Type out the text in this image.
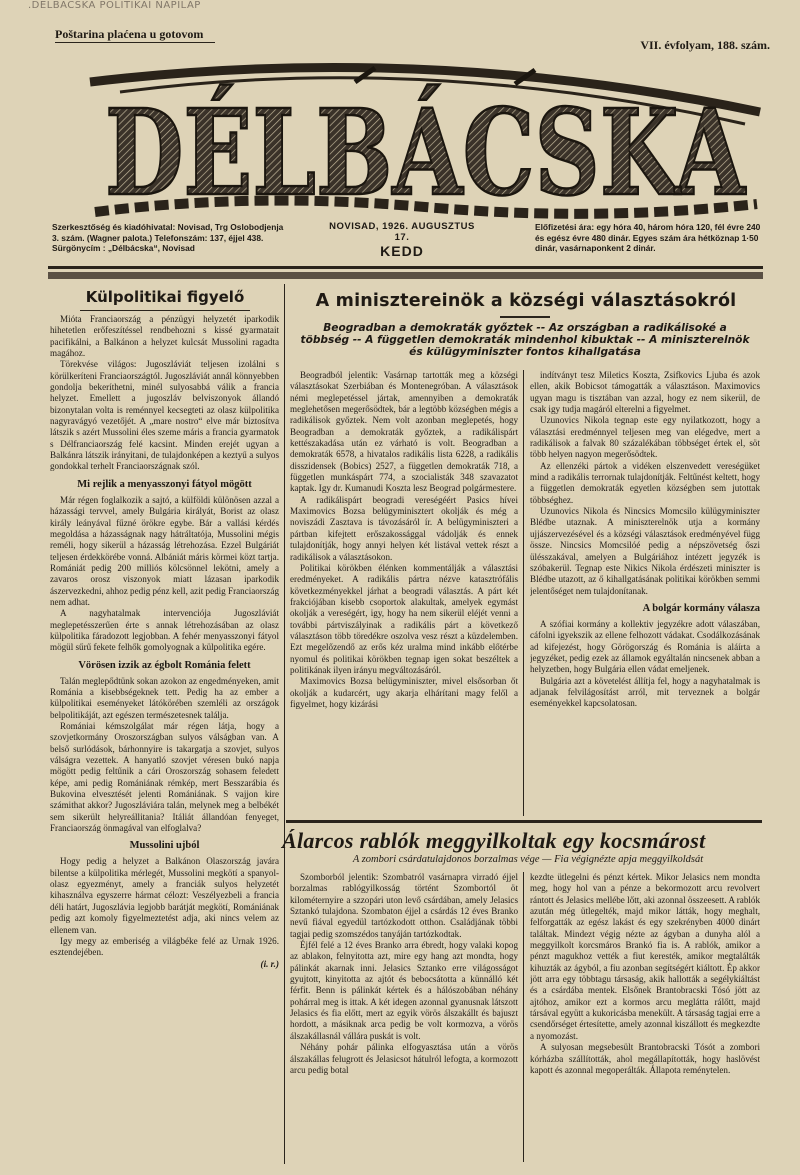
.DELBACSKA POLITIKAI NAPILAP
Poštarina plaćena u gotovom
VII. évfolyam, 188. szám.
DÉLBÁCSKA
Szerkesztőség és kiadóhivatal: Novisad, Trg Oslobodjenja 3. szám. (Wagner palota.) Telefonszám: 137, éjjel 438. Sürgönycím : „Délbácska“, Novisad
NOVISAD, 1926. AUGUSZTUS 17.
KEDD
Előfizetési ára: egy hóra 40, három hóra 120, fél évre 240 és egész évre 480 dinár. Egyes szám ára hétköznap 1·50 dinár, vasárnaponkent 2 dinár.
Külpolitikai figyelő

Mióta Franciaország a pénzügyi helyzetét iparkodik hihetetlen erőfeszítéssel rendbehozni s kissé gyarmatait pacifikálni, a Balkánon a helyzet kulcsát Mussolini ragadta magához.

Törekvése világos: Jugoszláviát teljesen izolálni s körülkeríteni Franciaországtól. Jugoszláviát annál könnyebben gondolja bekeríthetni, minél sulyosabbá válik a francia helyzet. Emellett a jugoszláv belviszonyok állandó bizonytalan volta is reménnyel kecsegteti az olasz külpolitika nagyravágyó vezetőjét. A „mare nostro“ elve már biztosítva látszik s azért Mussolini éles szeme máris a francia gyarmatok s Délfranciaország felé kacsint. Minden erejét ugyan a Balkánra látszik irányitani, de tulajdonképen a keztyű a sulyos gondokkal terhelt Franciaországnak szól.

Mi rejlik a menyasszonyi fátyol mögött

Már régen foglalkozik a sajtó, a külföldi különösen azzal a házassági tervvel, amely Bulgária királyát, Borist az olasz király leányával fűzné örökre egybe. Bár a vallási kérdés megoldása a házasságnak nagy hátráltatója, Mussolini mégis reméli, hogy sikerül a házasság létrehozása. Ezzel Bulgáriát teljesen érdekkörébe vonná. Albániát máris körmei közt tartja. Romániát pedig 200 milliós kölcsönnel lekötni, amely a zavaros orosz viszonyok miatt lázasan iparkodik ászervezkedni, ahhoz pedig pénz kell, azit pedig Franciaország nem adhat.

A nagyhatalmak intervenciója Jugoszláviát meglepetésszerűen érte s annak létrehozásában az olasz külpolitika fáradozott legjobban. A fehér menyasszonyi fátyol mögül sűrű fekete felhők gomolyognak a külpolitika egére.

Vörösen izzik az égbolt Románia felett

Talán meglepődtünk sokan azokon az engedményeken, amit Románia a kisebbségeknek tett. Pedig ha az ember a külpolitikai eseményeket látókörében szemléli az országok belpolitikáját, azt egészen természetesnek találja.

Romániai kémszolgálat már régen látja, hogy a szovjetkormány Oroszországban sulyos válságban van. A belső surlódások, bárhonnyire is takargatja a szovjet, sulyos válságra vezettek. A hanyatló szovjet véresen bukó napja mögött pedig feltűnik a cári Oroszország sohasem feledett képe, ami pedig Romániának rémkép, mert Besszarábia és Bukovina elvesztését jelenti Romániának. S vajjon kire számithat akkor? Jugoszláviára talán, melynek meg a belbékét sem sikerült helyreállitania? Itáliát állandóan fenyeget, Franciaország önmagával van elfoglalva?

Mussolini ujból

Hogy pedig a helyzet a Balkánon Olaszország javára bilentse a külpolitika mérlegét, Mussolini megkötí a spanyol-olasz egyezményt, amely a franciák sulyos helyzetét kihasználva egyszerre hármat célozt: Veszélyezbeli a francia déli határt, Jugoszlávia legjobb barátját megkötí, Romániának pedig azt komoly figyelmeztetést adja, aki nincs velem az ellenem van.

Igy megy az emberiség a világbéke felé az Urnak 1926. esztendejében.

(i. r.)
A minisztereinök a községi választásokról
Beogradban a demokraták győztek -- Az országban a radikálisoké a többség -- A független demokraták mindenhol kibuktak -- A miniszterelnök és külügyminiszter fontos kihallgatása

Beogradból jelentik: Vasárnap tartották meg a községi választásokat Szerbiában és Montenegróban. A választások némi meglepetéssel jártak, amennyiben a demokraták meglehetősen megerősödtek, bár a legtöbb községben mégis a radikálisok győztek. Nem volt azonban meglepetés, hogy Beogradban a demokraták győztek, a radikálispárt kettészakadása után ez várható is volt. Beogradban a demokraták 6578, a hivatalos radikális lista 6228, a radikális disszidensek (Bobics) 2527, a független demokraták 718, a független munkáspárt 774, a szocialisták 348 szavazatot kaptak. Igy dr. Kumanudi Koszta lesz Beograd polgármestere.

A radikálispárt beogradi vereségéért Pasics hívei Maximovics Bozsa belügyminisztert okolják és még a noviszádi Zasztava is távozásáról ír. A belügyminiszteri a pártban kifejtett erőszakossággal vádolják és ennek tulajdonítják, hogy annyi helyen két listával vettek részt a radikálisok a választásokon.

Politikai körökben élénken kommentálják a választási eredményeket. A radikális pártra nézve katasztrófális következményekkel járhat a beogradi választás. A párt két frakciójában kisebb csoportok alakultak, amelyek egymást okolják a vereségért, igy, hogy ha nem sikerül eléjét venni a további pártviszályinak a radikális párt a következő választáson több töredékre oszolva vesz részt a küzdelemben. Ezt megelőzendő az erős kéz uralma mind inkább előtérbe nyomul és politikai körökben tegnap igen sokat beszéltek a politikának ilyen irányu megváltozásáról.

Maximovics Bozsa belügyminiszter, mivel elsősorban őt okolják a kudarcért, ugy akarja elhárítani magy felől a figyelmet, hogy kizárási

indítványt tesz Miletics Koszta, Zsifkovics Ljuba és azok ellen, akik Bobicsot támogatták a választáson. Maximovics ugyan magu is tisztában van azzal, hogy ez nem sikerül, de csak igy tudja magáról elterelni a figyelmet.

Uzunovics Nikola tegnap este egy nyilatkozott, hogy a választási eredménnyel teljesen meg van elégedve, mert a radikálisok a falvak 80 százalékában többséget értek el, söt több helyen nagyon megerősödtek.

Az ellenzéki pártok a vidéken elszenvedett vereségüket mind a radikális terrornak tulajdonítják. Feltűnést keltett, hogy a független demokraták egyetlen községben sem jutottak többséghez.

Uzunovics Nikola és Nincsics Momcsilo külügyminiszter Blédbe utaznak. A miniszterelnök utja a kormány ujjászervezésével és a községi választások eredményével függ össze. Nincsics Momcsilóé pedig a népszövetség őszi ülésszakával, amelyen a Bulgáriához intézett jegyzék is szóbakerül. Tegnap este Nikics Nikola érdészeti miniszter is Blédbe utazott, az ő kihallgatásának politikai körökben semmi jelentőséget nem tulajdonítanak.

A bolgár kormány válasza

A szófiai kormány a kollektiv jegyzékre adott válaszában, cáfolni igyekszik az ellene felhozott vádakat. Csodálkozásának ad kifejezést, hogy Görögország és Románia is aláírta a jegyzéket, pedig ezek az államok egyáltalán nincsenek abban a helyzetben, hogy Bulgária ellen vádat emeljenek.

Bulgária azt a követelést állítja fel, hogy a nagyhatalmak is adjanak felvilágosítást arról, mit terveznek a bolgár eseményekkel kapcsolatosan.

Álarcos rablók meggyilkoltak egy kocsmárost
A zombori csárdatulajdonos borzalmas vége — Fia végignézte apja meggyilkoldsát

Szomborból jelentik: Szombatról vasárnapra virradó éjjel borzalmas rablógyilkosság történt Szombortól öt kilométernyire a szzopári uton levő csárdában, amely Jelasics Sztankó tulajdona. Szombaton éjjel a csárdás 12 éves Branko nevű fiával egyedül tartózkodott otthon. Családjának többi tagjai pedig szomszédos tanyáján tartózkodtak.

Éjfél felé a 12 éves Branko arra ébredt, hogy valaki kopog az ablakon, felnyitotta azt, mire egy hang azt mondta, hogy pálinkát akarnak inni. Jelasics Sztanko erre világosságot gyujtott, kinyitotta az ajtót és bebocsátotta a künnálló két férfit. Benn is pálinkát kértek és a hálószobában néhány pohárral meg is ittak. A két idegen azonnal gyanusnak látszott Jelasics és fia előtt, mert az egyik vörös álszakállt és bajuszt hordott, a másiknak arca pedig be volt kormozva, a vörös álszakállasnál vállára puskát is volt.

Néhány pohár pálinka elfogyasztása után a vörös álszakállas felugrott és Jelasicsot hátulról lefogta, a kormozott arcu pedig botal

kezdte ütlegelni és pénzt kértek. Mikor Jelasics nem mondta meg, hogy hol van a pénze a bekormozott arcu revolvert rántott és Jelasics mellébe lőtt, aki azonnal összeesett. A rablók azután még ütlegelték, majd mikor látták, hogy meghalt, felforgatták az egész lakást és egy szekrényben 4000 dinárt találtak. Mindezt végig nézte az ágyban a dunyha alól a meggyilkolt korcsmáros Brankó fia is. A rablók, amikor a pénzt magukhoz vették a fiut keresték, amikor megtalálták kihuzták az ágyból, a fiu azonban segítségért kiáltott. Ép akkor jött arra egy többtagu társaság, akik hallották a segélykiáltást és a csárdába mentek. Elsőnek Brantobracski Tósó jött az ajtóhoz, amikor ezt a kormos arcu meglátta rálőtt, majd társával együtt a kukoricásba menekült. A társaság tagjai erre a csendőrséget értesítette, amely azonnal kiszállott és megkezdte a nyomozást.

A sulyosan megsebesült Brantobracski Tósót a zombori kórházba szállították, ahol megállapították, hogy haslövést kapott és azonnal megoperálták. Állapota reménytelen.
